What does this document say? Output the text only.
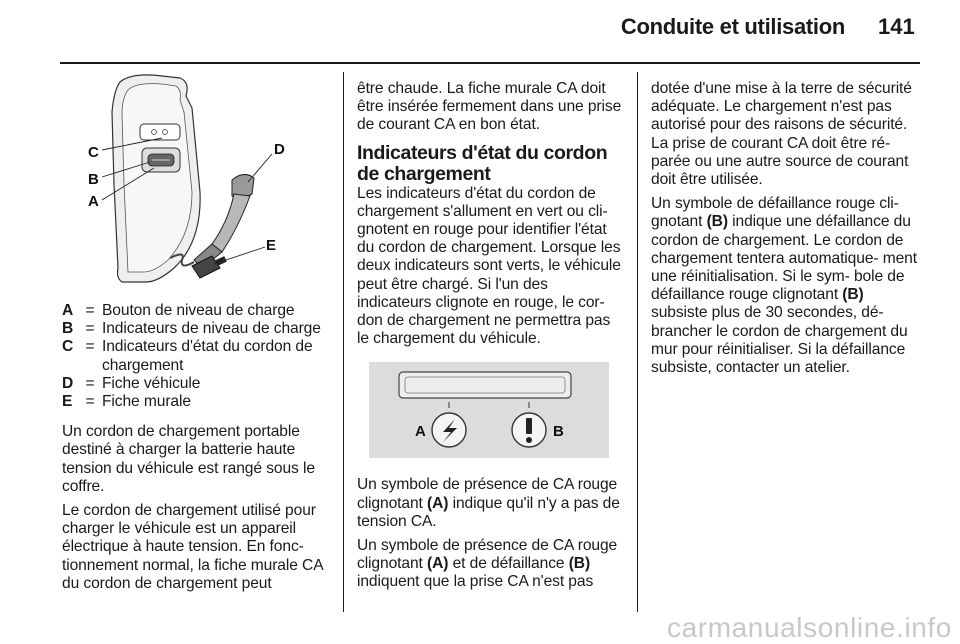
Conduite et utilisation 141
C
B
A
D
E
A = Bouton de niveau de charge
B = Indicateurs de niveau de charge
C = Indicateurs d'état du cordon de chargement
D = Fiche véhicule
E = Fiche murale

Un cordon de chargement portable destiné à charger la batterie haute tension du véhicule est rangé sous le coffre.

Le cordon de chargement utilisé pour charger le véhicule est un appareil électrique à haute tension. En fonc- tionnement normal, la fiche murale CA du cordon de chargement peut

être chaude. La fiche murale CA doit être insérée fermement dans une prise de courant CA en bon état.

Indicateurs d'état du cordon de chargement

Les indicateurs d'état du cordon de chargement s'allument en vert ou cli- gnotent en rouge pour identifier l'état du cordon de chargement. Lorsque les deux indicateurs sont verts, le véhicule peut être chargé. Si l'un des indicateurs clignote en rouge, le cor- don de chargement ne permettra pas le chargement du véhicule.

A	B

Un symbole de présence de CA rouge clignotant (A) indique qu'il n'y a pas de tension CA.

Un symbole de présence de CA rouge clignotant (A) et de défaillance (B) indiquent que la prise CA n'est pas

dotée d'une mise à la terre de sécurité adéquate. Le chargement n'est pas autorisé pour des raisons de sécurité. La prise de courant CA doit être ré- parée ou une autre source de courant doit être utilisée.

Un symbole de défaillance rouge cli- gnotant (B) indique une défaillance du cordon de chargement. Le cordon de chargement tentera automatique- ment une réinitialisation. Si le sym- bole de défaillance rouge clignotant (B) subsiste plus de 30 secondes, dé- brancher le cordon de chargement du mur pour réinitialiser. Si la défaillance subsiste, contacter un atelier.

carmanualsonline.info
